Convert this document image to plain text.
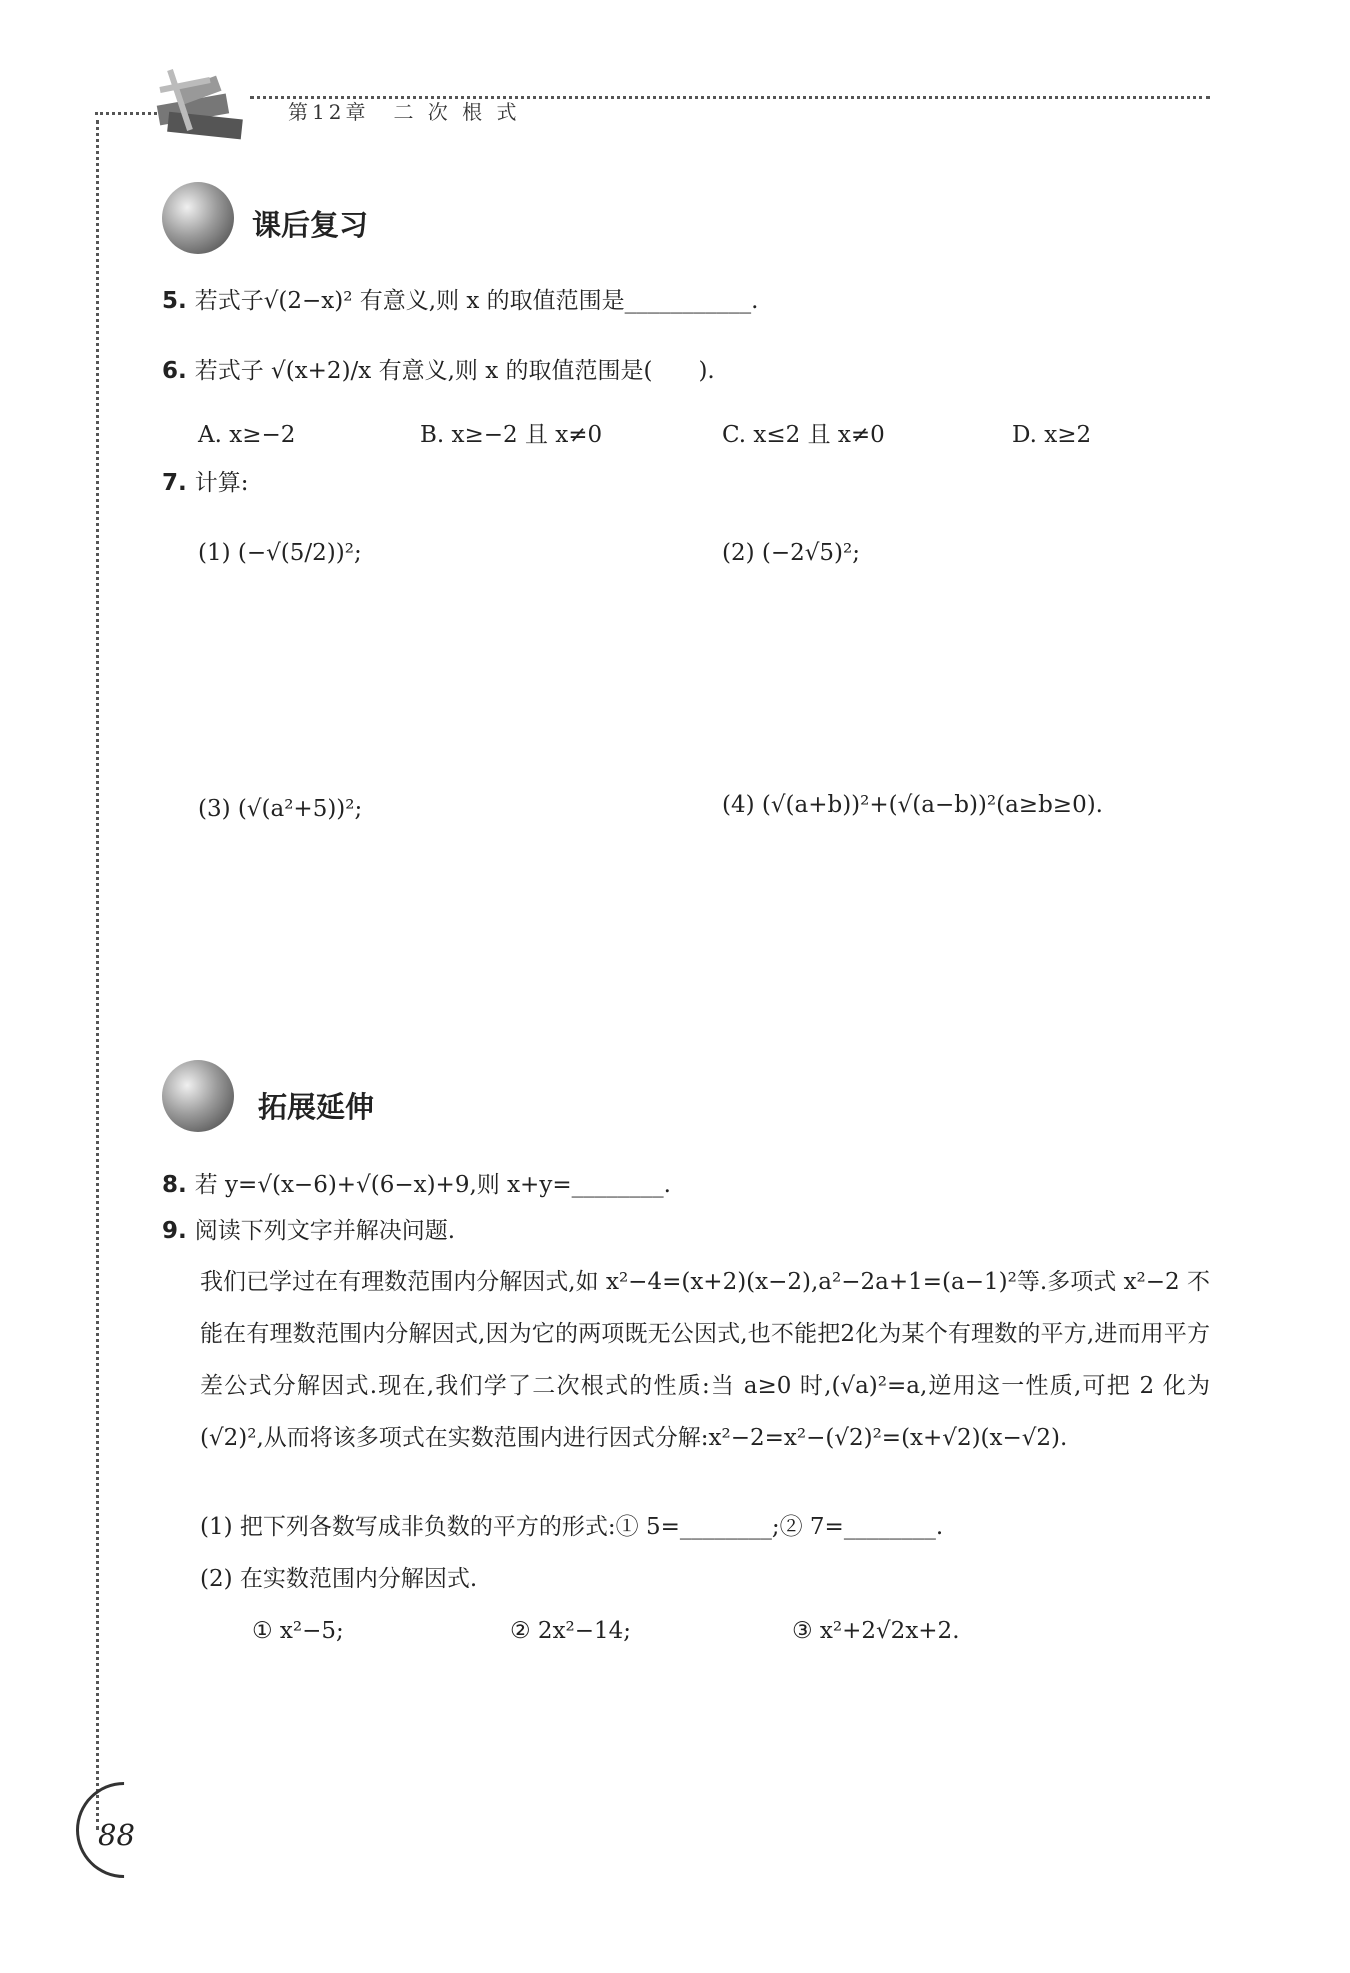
第12章　二 次 根 式
课后复习
5. 若式子√(2−x)² 有意义,则 x 的取值范围是___________.
6. 若式子 √(x+2)/x 有意义,则 x 的取值范围是(　　).
A. x≥−2	B. x≥−2 且 x≠0	C. x≤2 且 x≠0	D. x≥2
7. 计算:
(1) (−√(5/2))²;	(2) (−2√5)²;
(3) (√(a²+5))²;	(4) (√(a+b))²+(√(a−b))²(a≥b≥0).
拓展延伸
8. 若 y=√(x−6)+√(6−x)+9,则 x+y=________.
9. 阅读下列文字并解决问题.
我们已学过在有理数范围内分解因式,如 x²−4=(x+2)(x−2),a²−2a+1=(a−1)²等.多项式 x²−2 不能在有理数范围内分解因式,因为它的两项既无公因式,也不能把2化为某个有理数的平方,进而用平方差公式分解因式.现在,我们学了二次根式的性质:当 a≥0 时,(√a)²=a,逆用这一性质,可把 2 化为(√2)²,从而将该多项式在实数范围内进行因式分解:x²−2=x²−(√2)²=(x+√2)(x−√2).
(1) 把下列各数写成非负数的平方的形式:① 5=________;② 7=________.
(2) 在实数范围内分解因式.
① x²−5;	② 2x²−14;	③ x²+2√2x+2.
88
